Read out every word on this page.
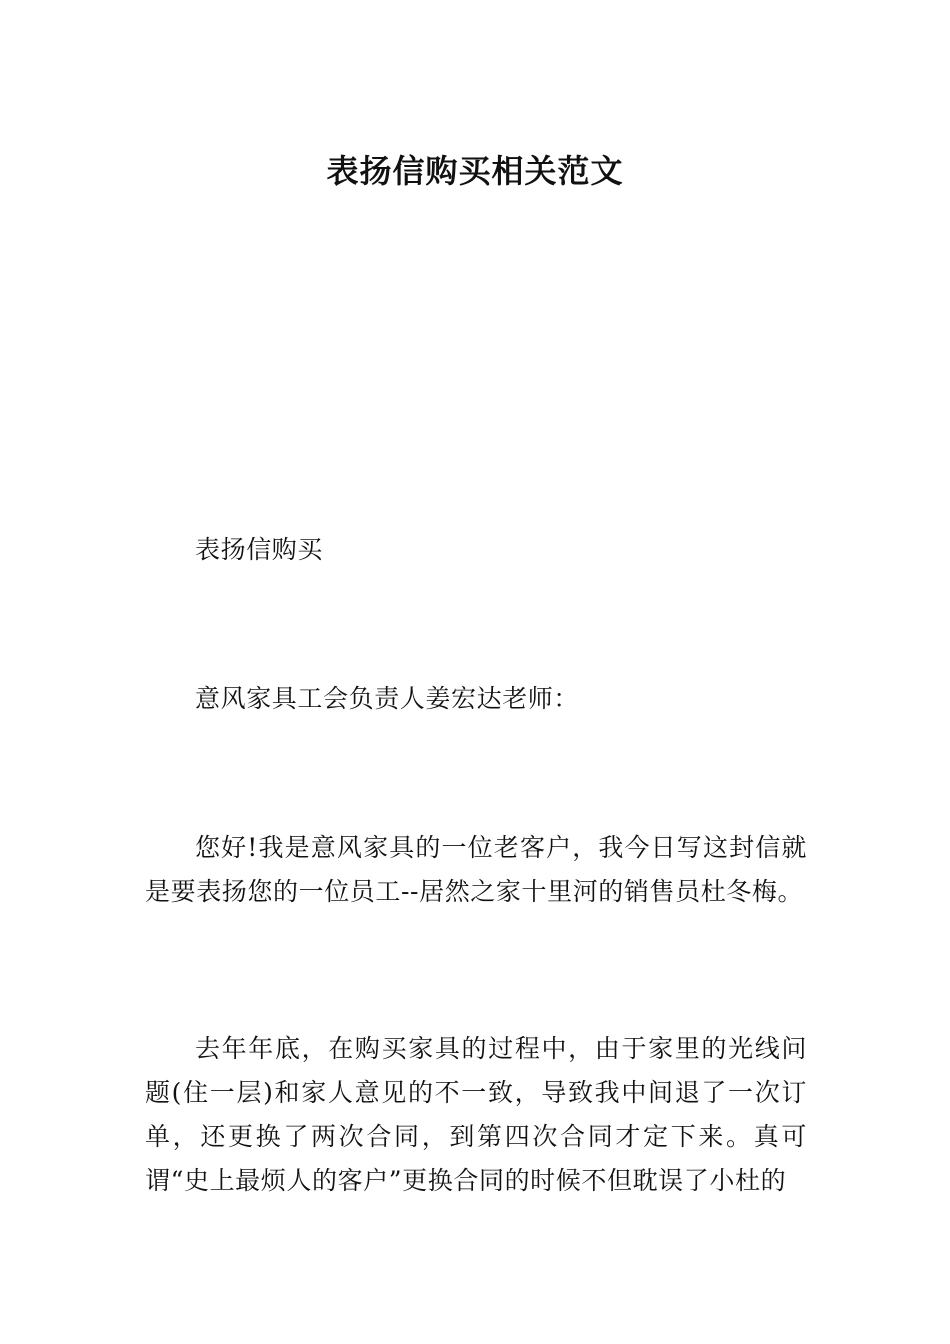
表扬信购买相关范文

表扬信购买

意风家具工会负责人姜宏达老师：

您好!我是意风家具的一位老客户，我今日写这封信就是要表扬您的一位员工--居然之家十里河的销售员杜冬梅。

去年年底，在购买家具的过程中，由于家里的光线问题(住一层)和家人意见的不一致，导致我中间退了一次订单，还更换了两次合同，到第四次合同才定下来。真可谓“史上最烦人的客户”更换合同的时候不但耽误了小杜的
